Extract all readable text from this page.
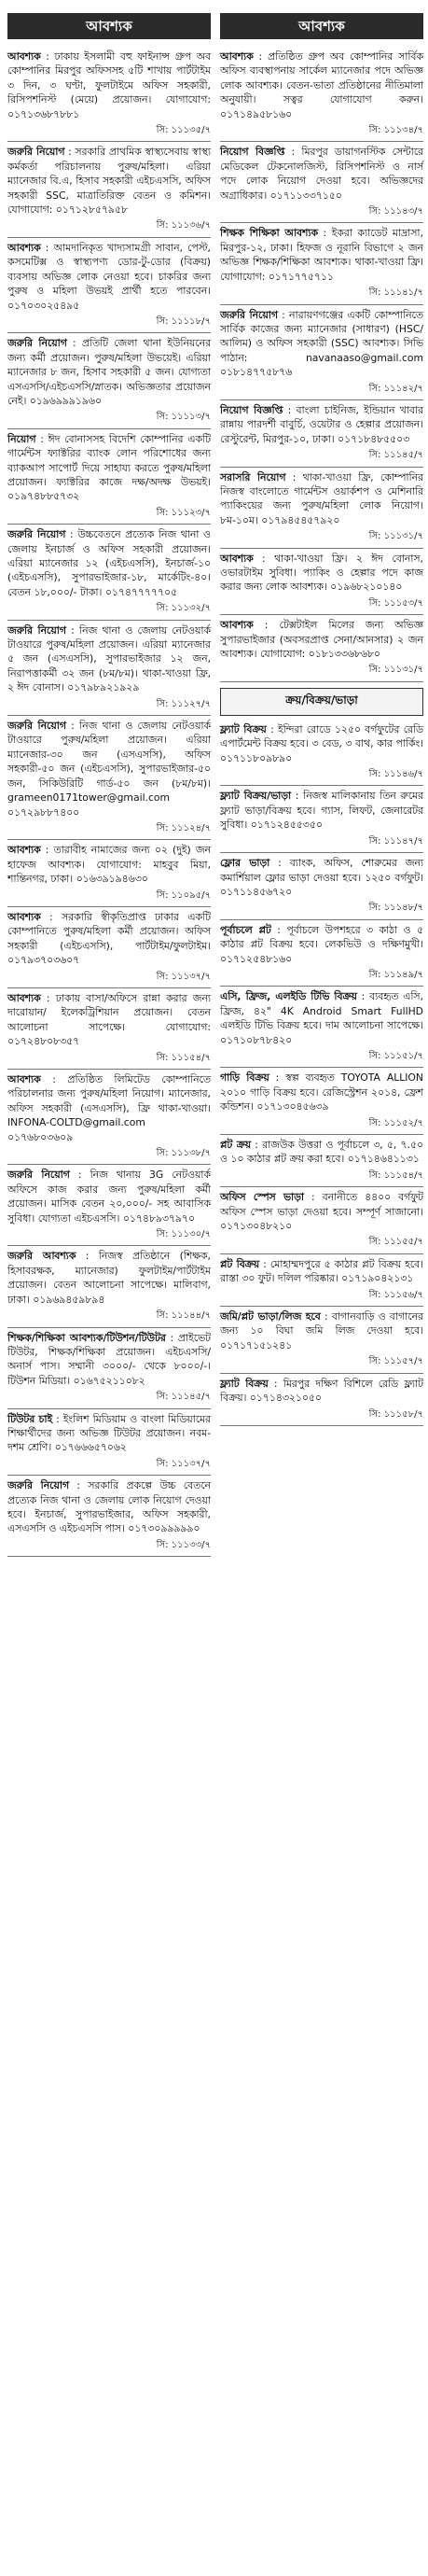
আবশ্যক
আবশ্যক : ঢাকায় ইসলামী বহু ফাইনান্স গ্রুপ অব কোম্পানির মিরপুর অফিসসহ ৫টি শাখায় পার্টটাইম ৩ দিন, ৩ ঘণ্টা, ফুলটাইমে অফিস সহকারী, রিসিপশনিস্ট (মেয়ে) প্রয়োজন। যোগাযোগ: ০১৭১৩৬৮৭৮৮১
সি: ১১১৩৫/৭
জরুরি নিয়োগ : সরকারি প্রাথমিক স্বাস্থ্যসেবায় স্বাস্থ্য কর্মকর্তা পরিচালনায় পুরুষ/মহিলা। এরিয়া ম্যানেজার বি.এ, হিসাব সহকারী এইচএসসি, অফিস সহকারী SSC, মাত্রাতিরিক্ত বেতন ও কমিশন। যোগাযোগ: ০১৭১২৮৫৭৯৫৮
সি: ১১১৩৬/৭
আবশ্যক : আমদানিকৃত খাদ্যসামগ্রী সাবান, পেস্ট, কসমেটিক্স ও স্বাস্থ্যপণ্য ডোর-টু-ডোর (বিক্রয়) ব্যবসায় অভিজ্ঞ লোক নেওয়া হবে। চাকরির জন্য পুরুষ ও মহিলা উভয়ই প্রার্থী হতে পারবেন। ০১৭০৩০২৫৪৯৫
সি: ১১১১৮/৭
জরুরি নিয়োগ : প্রতিটি জেলা থানা ইউনিয়নের জন্য কর্মী প্রয়োজন। পুরুষ/মহিলা উভয়েই। এরিয়া ম্যানেজার ৮ জন, হিসাব সহকারী ৫ জন। যোগ্যতা এসএসসি/এইচএসসি/স্নাতক। অভিজ্ঞতার প্রয়োজন নেই। ০১৯৬৯৯৯১৯৬০
সি: ১১১১৩/৭
নিয়োগ : ঈদ বোনাসসহ বিদেশি কোম্পানির একটি গার্মেন্টস ফ্যাক্টরির ব্যাংক লোন পরিশোধের জন্য ব্যাকআপ সাপোর্ট দিয়ে সাহায্য করতে পুরুষ/মহিলা প্রয়োজন। ফ্যাক্টরির কাজে দক্ষ/অদক্ষ উভয়ই। ০১৯৭৪৮৮৫৭৩২
সি: ১১১২৩/৭
জরুরি নিয়োগ : উচ্চবেতনে প্রত্যেক নিজ থানা ও জেলায় ইনচার্জ ও অফিস সহকারী প্রয়োজন। এরিয়া ম্যানেজার ১২ (এইচএসসি), ইনচার্জ-১০ (এইচএসসি), সুপারভাইজার-১৮, মার্কেটিং-৪০। বেতন ১৮,০০০/- টাকা। ০১৭৪৭৭৭৭৭০৫
সি: ১১১৩২/৭
জরুরি নিয়োগ : নিজ থানা ও জেলায় নেটওয়ার্ক টাওয়ারে পুরুষ/মহিলা প্রয়োজন। এরিয়া ম্যানেজার ৫ জন (এসএসসি), সুপারভাইজার ১২ জন, নিরাপত্তাকর্মী ৩২ জন (৮ম/৮ম)। থাকা-খাওয়া ফ্রি, ২ ঈদ বোনাস। ০১৭৯৮৯২১৯২৯
সি: ১১১২৭/৭
জরুরি নিয়োগ : নিজ থানা ও জেলায় নেটওয়ার্ক টাওয়ারে পুরুষ/মহিলা প্রয়োজন। এরিয়া ম্যানেজার-৩০ জন (এসএসসি), অফিস সহকারী-৫০ জন (এইচএসসি), সুপারভাইজার-৫০ জন, সিকিউরিটি গার্ড-৫০ জন (৮ম/৮ম)। grameen0171tower@gmail.com ০১৭২৯৮৮৭৪০০
সি: ১১১২৪/৭
আবশ্যক : তারাবীহ নামাজের জন্য ০২ (দুই) জন হাফেজ আবশ্যক। যোগাযোগ: মাহবুব মিয়া, শান্তিনগর, ঢাকা। ০১৬৩৯১৯৪৬৩০
সি: ১১০৯৫/৭
আবশ্যক : সরকারি স্বীকৃতিপ্রাপ্ত ঢাকার একটি কোম্পানিতে পুরুষ/মহিলা কর্মী প্রয়োজন। অফিস সহকারী (এইচএসসি), পার্টটাইম/ফুলটাইম। ০১৭৯৩৭০৩৬০৭
সি: ১১১৩৭/৭
আবশ্যক : ঢাকায় বাসা/অফিসে রান্না করার জন্য দারোয়ান/ ইলেকট্রিশিয়ান প্রয়োজন। বেতন আলোচনা সাপেক্ষে। যোগাযোগ: ০১৭২৪৮০৮৩৫৭
সি: ১১১৫৪/৭
আবশ্যক : প্রতিষ্ঠিত লিমিটেড কোম্পানিতে পরিচালনার জন্য পুরুষ/মহিলা নিয়োগ। ম্যানেজার, অফিস সহকারী (এসএসসি), ফ্রি থাকা-খাওয়া। INFONA-COLTD@gmail.com ০১৭৬৮০৩৬০৯
সি: ১১১৩৮/৭
জরুরি নিয়োগ : নিজ থানায় 3G নেটওয়ার্ক অফিসে কাজ করার জন্য পুরুষ/মহিলা কর্মী প্রয়োজন। মাসিক বেতন ২০,০০০/- সহ আবাসিক সুবিধা। যোগ্যতা এইচএসসি। ০১৭৪৮৯৩৭৯৭০
সি: ১১১৩০/৭
জরুরি আবশ্যক : নিজস্ব প্রতিষ্ঠানে (শিক্ষক, হিসাবরক্ষক, ম্যানেজার) ফুলটাইম/পার্টটাইম প্রয়োজন। বেতন আলোচনা সাপেক্ষে। মালিবাগ, ঢাকা। ০১৯৬৯৪৫৯৮৯৪
সি: ১১১৪৪/৭
শিক্ষক/শিক্ষিকা আবশ্যক/টিউশন/টিউটর : প্রাইভেট টিউটর, শিক্ষক/শিক্ষিকা প্রয়োজন। এইচএসসি/অনার্স পাস। সম্মানী ৩০০০/- থেকে ৮০০০/-। টিউশন মিডিয়া। ০১৬৭৫২১১০৮২
সি: ১১১৪৫/৭
টিউটর চাই : ইংলিশ মিডিয়াম ও বাংলা মিডিয়ামের শিক্ষার্থীদের জন্য অভিজ্ঞ টিউটর প্রয়োজন। নবম-দশম শ্রেণি। ০১৭৬৬৬৫৭০৬২
সি: ১১১৩৭/৭
জরুরি নিয়োগ : সরকারি প্রকল্পে উচ্চ বেতনে প্রত্যেক নিজ থানা ও জেলায় লোক নিয়োগ দেওয়া হবে। ইনচার্জ, সুপারভাইজার, অফিস সহকারী, এসএসসি ও এইচএসসি পাস। ০১৭৩০৯৯৯৯৯০
সি: ১১১৩৩/৭
আবশ্যক
আবশ্যক : প্রতিষ্ঠিত গ্রুপ অব কোম্পানির সার্বিক অফিস ব্যবস্থাপনায় সার্কেল ম্যানেজার পদে অভিজ্ঞ লোক আবশ্যক। বেতন-ভাতা প্রতিষ্ঠানের নীতিমালা অনুযায়ী। সত্বর যোগাযোগ করুন। ০১৭১৪৯৫৮১৬০
সি: ১১১৩৪/৭
নিয়োগ বিজ্ঞপ্তি : মিরপুর ডায়াগনস্টিক সেন্টারে মেডিকেল টেকনোলজিস্ট, রিসিপশনিস্ট ও নার্স পদে লোক নিয়োগ দেওয়া হবে। অভিজ্ঞদের অগ্রাধিকার। ০১৭১১৩৩৭১৫০
সি: ১১১৪৩/৭
শিক্ষক শিক্ষিকা আবশ্যক : ইকরা ক্যাডেট মাদ্রাসা, মিরপুর-১২, ঢাকা। হিফজ ও নূরানি বিভাগে ২ জন অভিজ্ঞ শিক্ষক/শিক্ষিকা আবশ্যক। থাকা-খাওয়া ফ্রি। যোগাযোগ: ০১৭১৭৭৫৭১১
সি: ১১১৪১/৭
জরুরি নিয়োগ : নারায়ণগঞ্জের একটি কোম্পানিতে সার্বিক কাজের জন্য ম্যানেজার (সাধারণ) (HSC/আলিম) ও অফিস সহকারী (SSC) আবশ্যক। সিভি পাঠান: navanaaso@gmail.com ০১৮১৪৭৭৫৮৭৬
সি: ১১১৪২/৭
নিয়োগ বিজ্ঞপ্তি : বাংলা চাইনিজ, ইন্ডিয়ান খাবার রান্নায় পারদর্শী বাবুর্চি, ওয়েটার ও হেল্পার প্রয়োজন। রেস্টুরেন্ট, মিরপুর-১০, ঢাকা। ০১৭১৮৪৮৫৫০৩
সি: ১১১৪৫/৭
সরাসরি নিয়োগ : থাকা-খাওয়া ফ্রি, কোম্পানির নিজস্ব বাংলোতে গার্মেন্টস ওয়ার্কশপ ও মেশিনারি প্যাকিংয়ের জন্য পুরুষ/মহিলা লোক নিয়োগ। ৮ম-১০ম। ০১৭৯৪৫৪৫৭৯২০
সি: ১১১৩১/৭
আবশ্যক : থাকা-খাওয়া ফ্রি। ২ ঈদ বোনাস, ওভারটাইম সুবিধা। প্যাকিং ও হেল্পার পদে কাজ করার জন্য লোক আবশ্যক। ০১৯৬৮২১০১৪০
সি: ১১১৫৩/৭
আবশ্যক : টেক্সটাইল মিলের জন্য অভিজ্ঞ সুপারভাইজার (অবসরপ্রাপ্ত সেনা/আনসার) ২ জন আবশ্যক। যোগাযোগ: ০১৮১৩৩৬৮৬৮০
সি: ১১১৩১/৭
ক্রয়/বিক্রয়/ভাড়া
ফ্ল্যাট বিক্রয় : ইন্দিরা রোডে ১২৫০ বর্গফুটের রেডি এপার্টমেন্ট বিক্রয় হবে। ৩ বেড, ৩ বাথ, কার পার্কিং। ০১৭১১৮০৯৮৯০
সি: ১১১৪৬/৭
ফ্ল্যাট বিক্রয়/ভাড়া : নিজস্ব মালিকানায় তিন রুমের ফ্ল্যাট ভাড়া/বিক্রয় হবে। গ্যাস, লিফট, জেনারেটর সুবিধা। ০১৭১২৪৫৫৩৫০
সি: ১১১৪৭/৭
ফ্লোর ভাড়া : ব্যাংক, অফিস, শোরুমের জন্য কমার্শিয়াল ফ্লোর ভাড়া দেওয়া হবে। ১২৫০ বর্গফুট। ০১৭১১৪৫৬৭২০
সি: ১১১৪৮/৭
পূর্বাচলে প্লট : পূর্বাচলে উপশহরে ৩ কাঠা ও ৫ কাঠার প্লট বিক্রয় হবে। লেকভিউ ও দক্ষিণমুখী। ০১৭১২৫৪৮১৬০
সি: ১১১৪৯/৭
এসি, ফ্রিজ, এলইডি টিভি বিক্রয় : ব্যবহৃত এসি, ফ্রিজ, ৪২" 4K Android Smart FullHD এলইডি টিভি বিক্রয় হবে। দাম আলোচনা সাপেক্ষে। ০১৭১০৮৭৮৪২০
সি: ১১১৫১/৭
গাড়ি বিক্রয় : স্বল্প ব্যবহৃত TOYOTA ALLION ২০১০ গাড়ি বিক্রয় হবে। রেজিস্ট্রেশন ২০১৪, ফ্রেশ কন্ডিশন। ০১৭১৩০৪৫৬৩৯
সি: ১১১৫২/৭
প্লট ক্রয় : রাজউক উত্তরা ও পূর্বাচলে ৩, ৫, ৭.৫০ ও ১০ কাঠার প্লট ক্রয় করা হবে। ০১৭১৪৬৪১১৩১
সি: ১১১৫৪/৭
অফিস স্পেস ভাড়া : বনানীতে ৪৪০০ বর্গফুট অফিস স্পেস ভাড়া দেওয়া হবে। সম্পূর্ণ সাজানো। ০১৭১৩০৪৮২১০
সি: ১১১৫৫/৭
প্লট বিক্রয় : মোহাম্মদপুরে ৫ কাঠার প্লট বিক্রয় হবে। রাস্তা ৩০ ফুট। দলিল পরিষ্কার। ০১৭১৯০৪২১৩১
সি: ১১১৫৬/৭
জমি/প্লট ভাড়া/লিজ হবে : বাগানবাড়ি ও বাগানের জন্য ১০ বিঘা জমি লিজ দেওয়া হবে। ০১৭১৭১৫১২৪১
সি: ১১১৫৭/৭
ফ্ল্যাট বিক্রয় : মিরপুর দক্ষিণ বিশিলে রেডি ফ্ল্যাট বিক্রয়। ০১৭১৪৩২১০৫০
সি: ১১১৫৮/৭
